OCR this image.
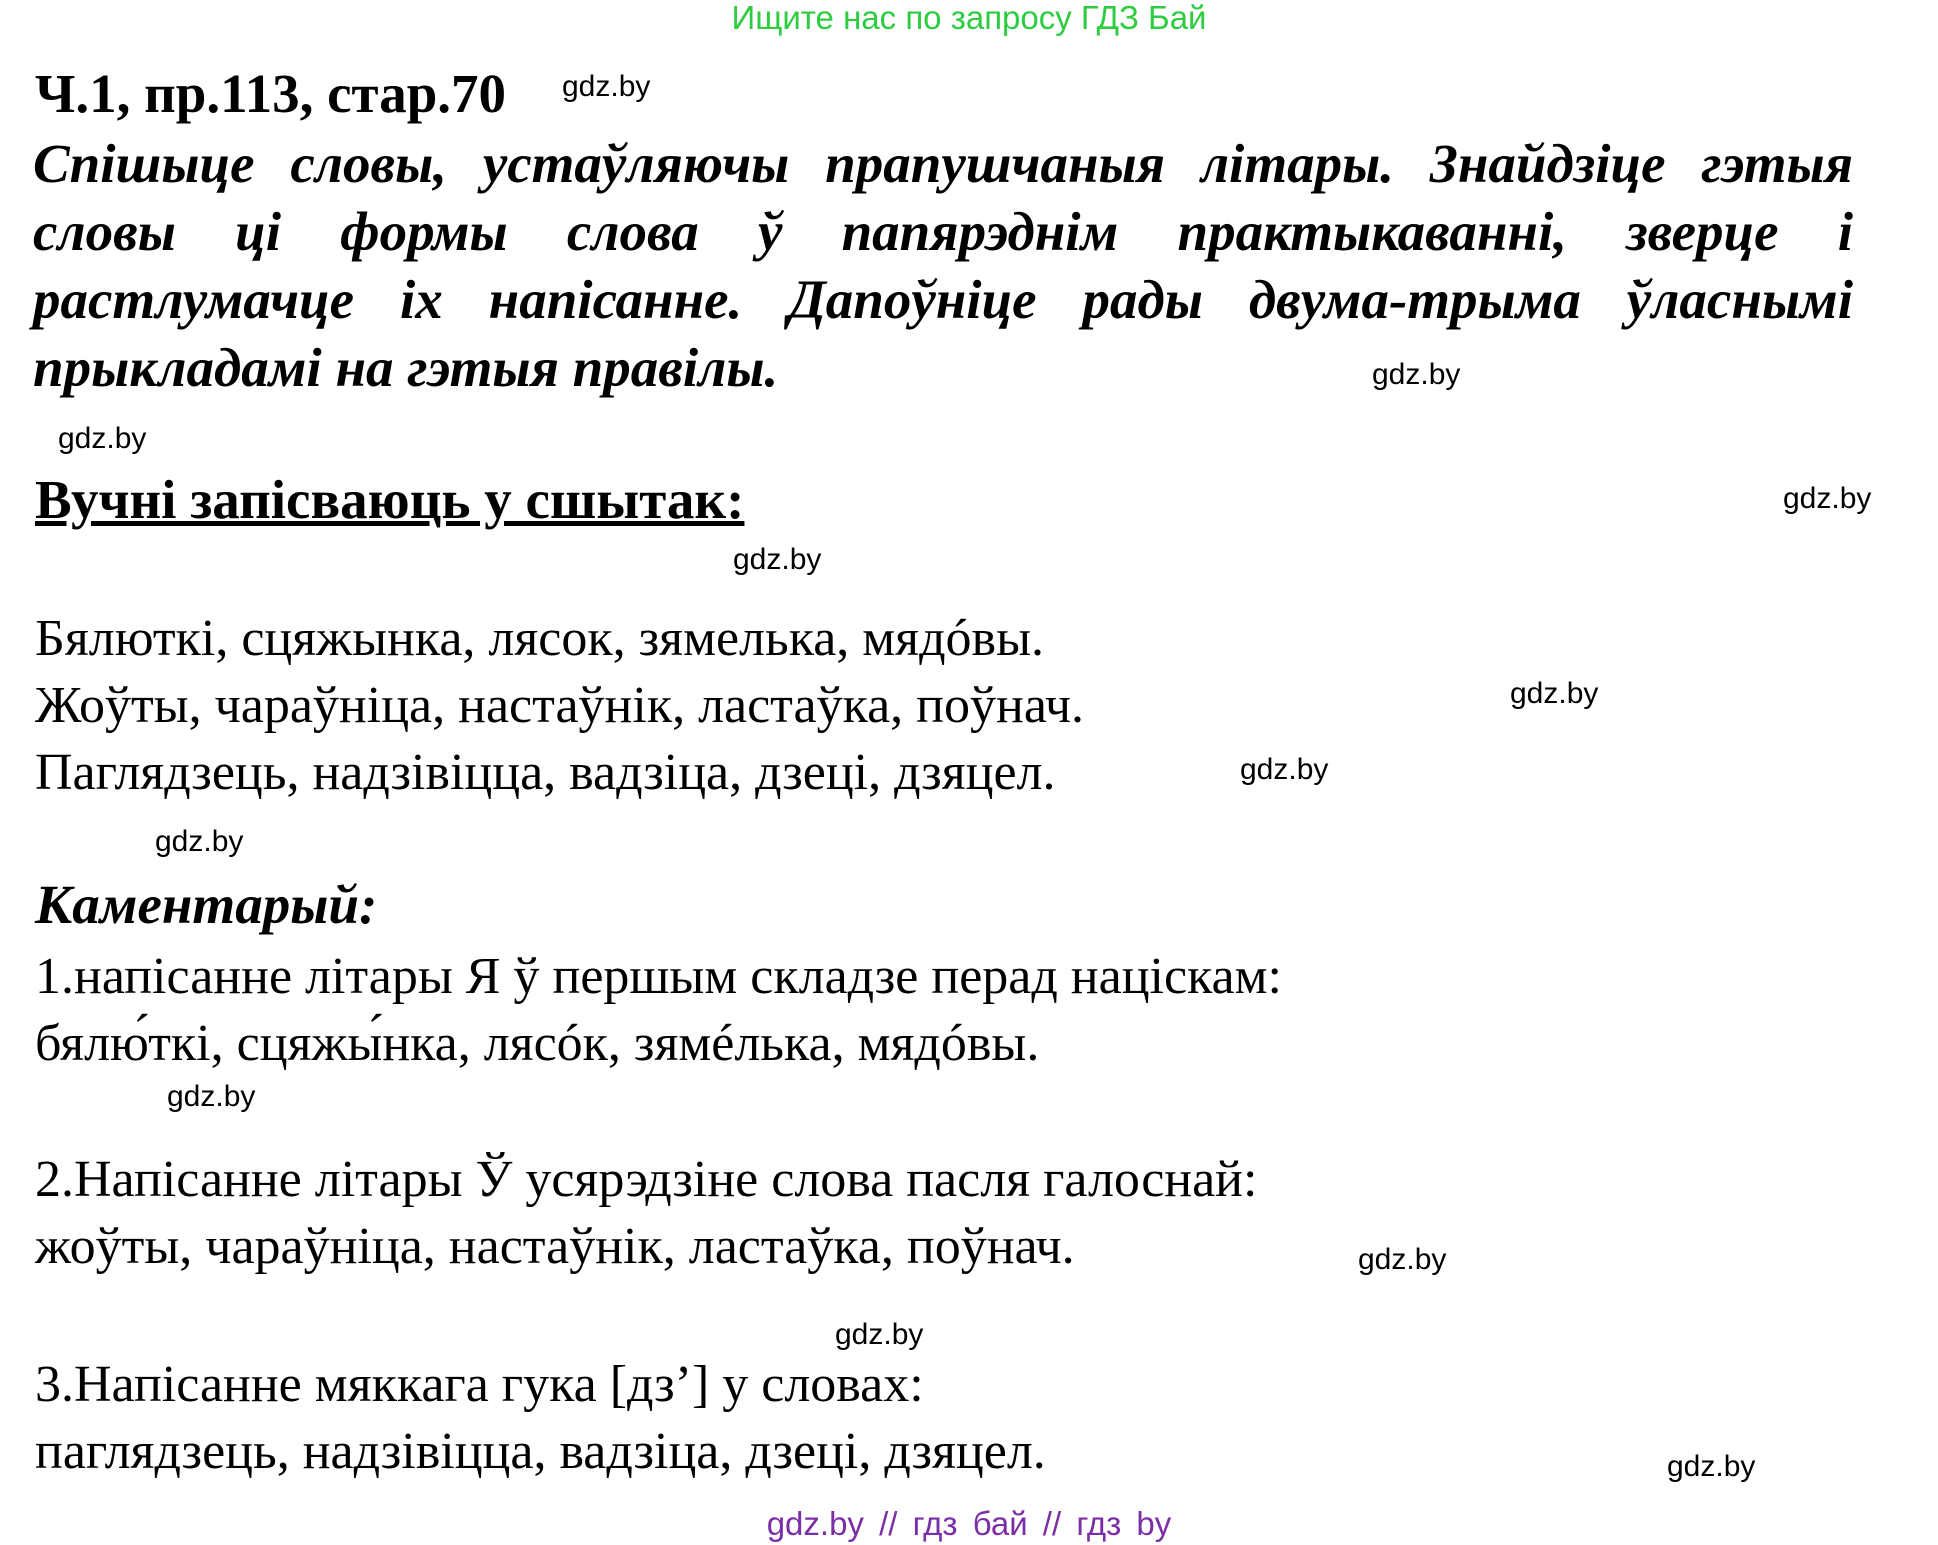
Ищите нас по запросу ГДЗ Бай
Ч.1, пр.113, стар.70 gdz.by
Спішыце словы, устаўляючы прапушчаныя літары. Знайдзіце гэтыя
словы ці формы слова ў папярэднім практыкаванні, зверце і
растлумачце іх напісанне. Дапоўніце рады двума-трыма ўласнымі
прыкладамі на гэтыя правілы.	gdz.by
gdz.by
Вучні запісваюць у сшытак:	gdz.by
gdz.by
Бялюткі, сцяжынка, лясок, зямелька, мядóвы.
Жоўты, чараўніца, настаўнік, ластаўка, поўнач.	gdz.by
Паглядзець, надзівіцца, вадзіца, дзеці, дзяцел.	gdz.by
gdz.by
Каментарый:
1.напісанне літары Я ў першым складзе перад націскам:
бялю́ткі, сцяжы́нка, лясóк, зямéлька, мядóвы.
gdz.by
2.Напісанне літары Ў усярэдзіне слова пасля галоснай:
жоўты, чараўніца, настаўнік, ластаўка, поўнач.	gdz.by
gdz.by
3.Напісанне мяккага гука [дз’] у словах:
паглядзець, надзівіцца, вадзіца, дзеці, дзяцел.	gdz.by
gdz.by // гдз бай // гдз by
